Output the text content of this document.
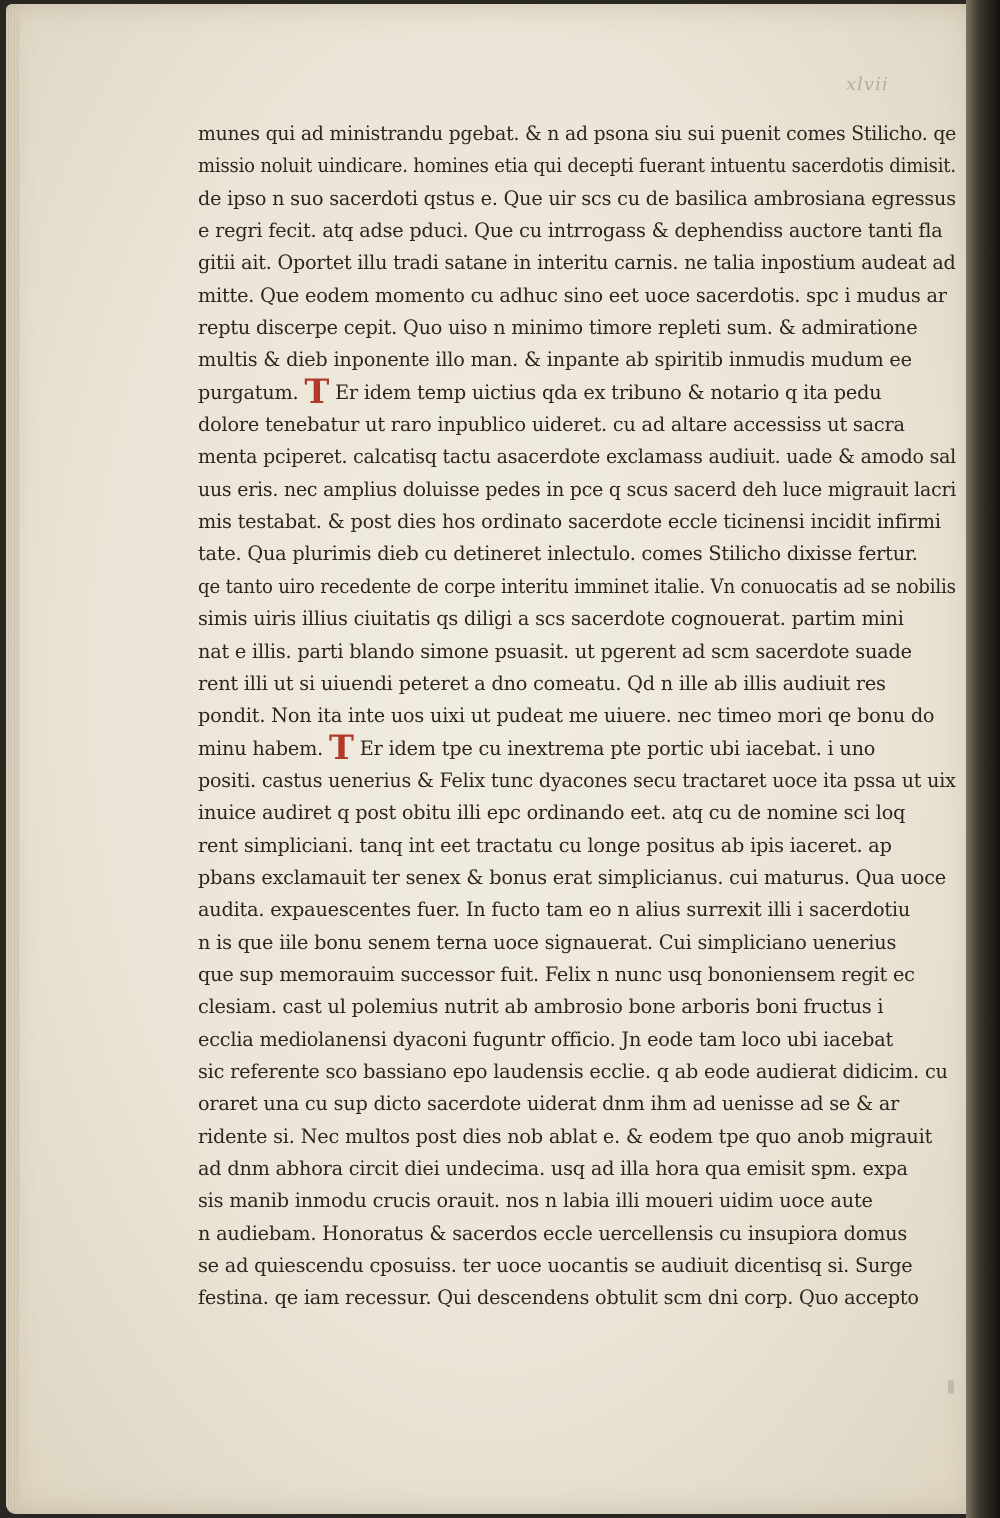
xlvii
munes qui ad ministrandu pgebat. & n ad psona siu sui puenit comes Stilicho. qe
missio noluit uindicare. homines etia qui decepti fuerant intuentu sacerdotis dimisit.
de ipso n suo sacerdoti qstus e. Que uir scs cu de basilica ambrosiana egressus
e regri fecit. atq adse pduci. Que cu intrrogass & dephendiss auctore tanti fla
gitii ait. Oportet illu tradi satane in interitu carnis. ne talia inpostium audeat ad
mitte. Que eodem momento cu adhuc sino eet uoce sacerdotis. spc i mudus ar
reptu discerpe cepit. Quo uiso n minimo timore repleti sum. & admiratione
multis & dieb inponente illo man. & inpante ab spiritib inmudis mudum ee
purgatum. T Er idem temp uictius qda ex tribuno & notario q ita pedu
dolore tenebatur ut raro inpublico uideret. cu ad altare accessiss ut sacra
menta pciperet. calcatisq tactu asacerdote exclamass audiuit. uade & amodo sal
uus eris. nec amplius doluisse pedes in pce q scus sacerd deh luce migrauit lacri
mis testabat. & post dies hos ordinato sacerdote eccle ticinensi incidit infirmi
tate. Qua plurimis dieb cu detineret inlectulo. comes Stilicho dixisse fertur.
qe tanto uiro recedente de corpe interitu imminet italie. Vn conuocatis ad se nobilis
simis uiris illius ciuitatis qs diligi a scs sacerdote cognouerat. partim mini
nat e illis. parti blando simone psuasit. ut pgerent ad scm sacerdote suade
rent illi ut si uiuendi peteret a dno comeatu. Qd n ille ab illis audiuit res
pondit. Non ita inte uos uixi ut pudeat me uiuere. nec timeo mori qe bonu do
minu habem. T Er idem tpe cu inextrema pte portic ubi iacebat. i uno
positi. castus uenerius & Felix tunc dyacones secu tractaret uoce ita pssa ut uix
inuice audiret q post obitu illi epc ordinando eet. atq cu de nomine sci loq
rent simpliciani. tanq int eet tractatu cu longe positus ab ipis iaceret. ap
pbans exclamauit ter senex & bonus erat simplicianus. cui maturus. Qua uoce
audita. expauescentes fuer. In fucto tam eo n alius surrexit illi i sacerdotiu
n is que iile bonu senem terna uoce signauerat. Cui simpliciano uenerius
que sup memorauim successor fuit. Felix n nunc usq bononiensem regit ec
clesiam. cast ul polemius nutrit ab ambrosio bone arboris boni fructus i
ecclia mediolanensi dyaconi fuguntr officio. Jn eode tam loco ubi iacebat
sic referente sco bassiano epo laudensis ecclie. q ab eode audierat didicim. cu
oraret una cu sup dicto sacerdote uiderat dnm ihm ad uenisse ad se & ar
ridente si. Nec multos post dies nob ablat e. & eodem tpe quo anob migrauit
ad dnm abhora circit diei undecima. usq ad illa hora qua emisit spm. expa
sis manib inmodu crucis orauit. nos n labia illi moueri uidim uoce aute
n audiebam. Honoratus & sacerdos eccle uercellensis cu insupiora domus
se ad quiescendu cposuiss. ter uoce uocantis se audiuit dicentisq si. Surge
festina. qe iam recessur. Qui descendens obtulit scm dni corp. Quo accepto
